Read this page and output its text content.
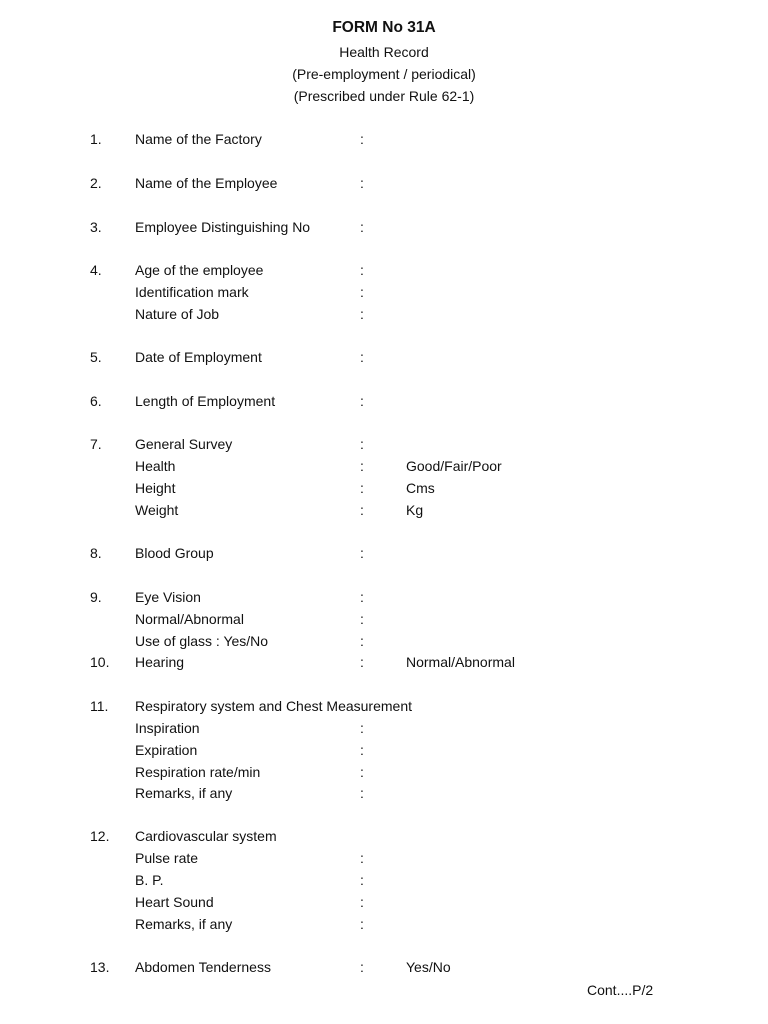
FORM No 31A
Health Record
(Pre-employment / periodical)
(Prescribed under Rule 62-1)
1. Name of the Factory	:
2. Name of the Employee	:
3. Employee Distinguishing No	:
4. Age of the employee	:
Identification mark	:
Nature of Job	:
5. Date of Employment	:
6. Length of Employment	:
7. General Survey	:
Health	:	Good/Fair/Poor
Height	:	Cms
Weight	:	Kg
8. Blood Group	:
9. Eye Vision	:
Normal/Abnormal	:
Use of glass : Yes/No	:
10. Hearing	:	Normal/Abnormal
11. Respiratory system and Chest Measurement
Inspiration	:
Expiration	:
Respiration rate/min	:
Remarks, if any	:
12. Cardiovascular system
Pulse rate	:
B. P.	:
Heart Sound	:
Remarks, if any	:
13. Abdomen Tenderness	:	Yes/No
Cont....P/2
